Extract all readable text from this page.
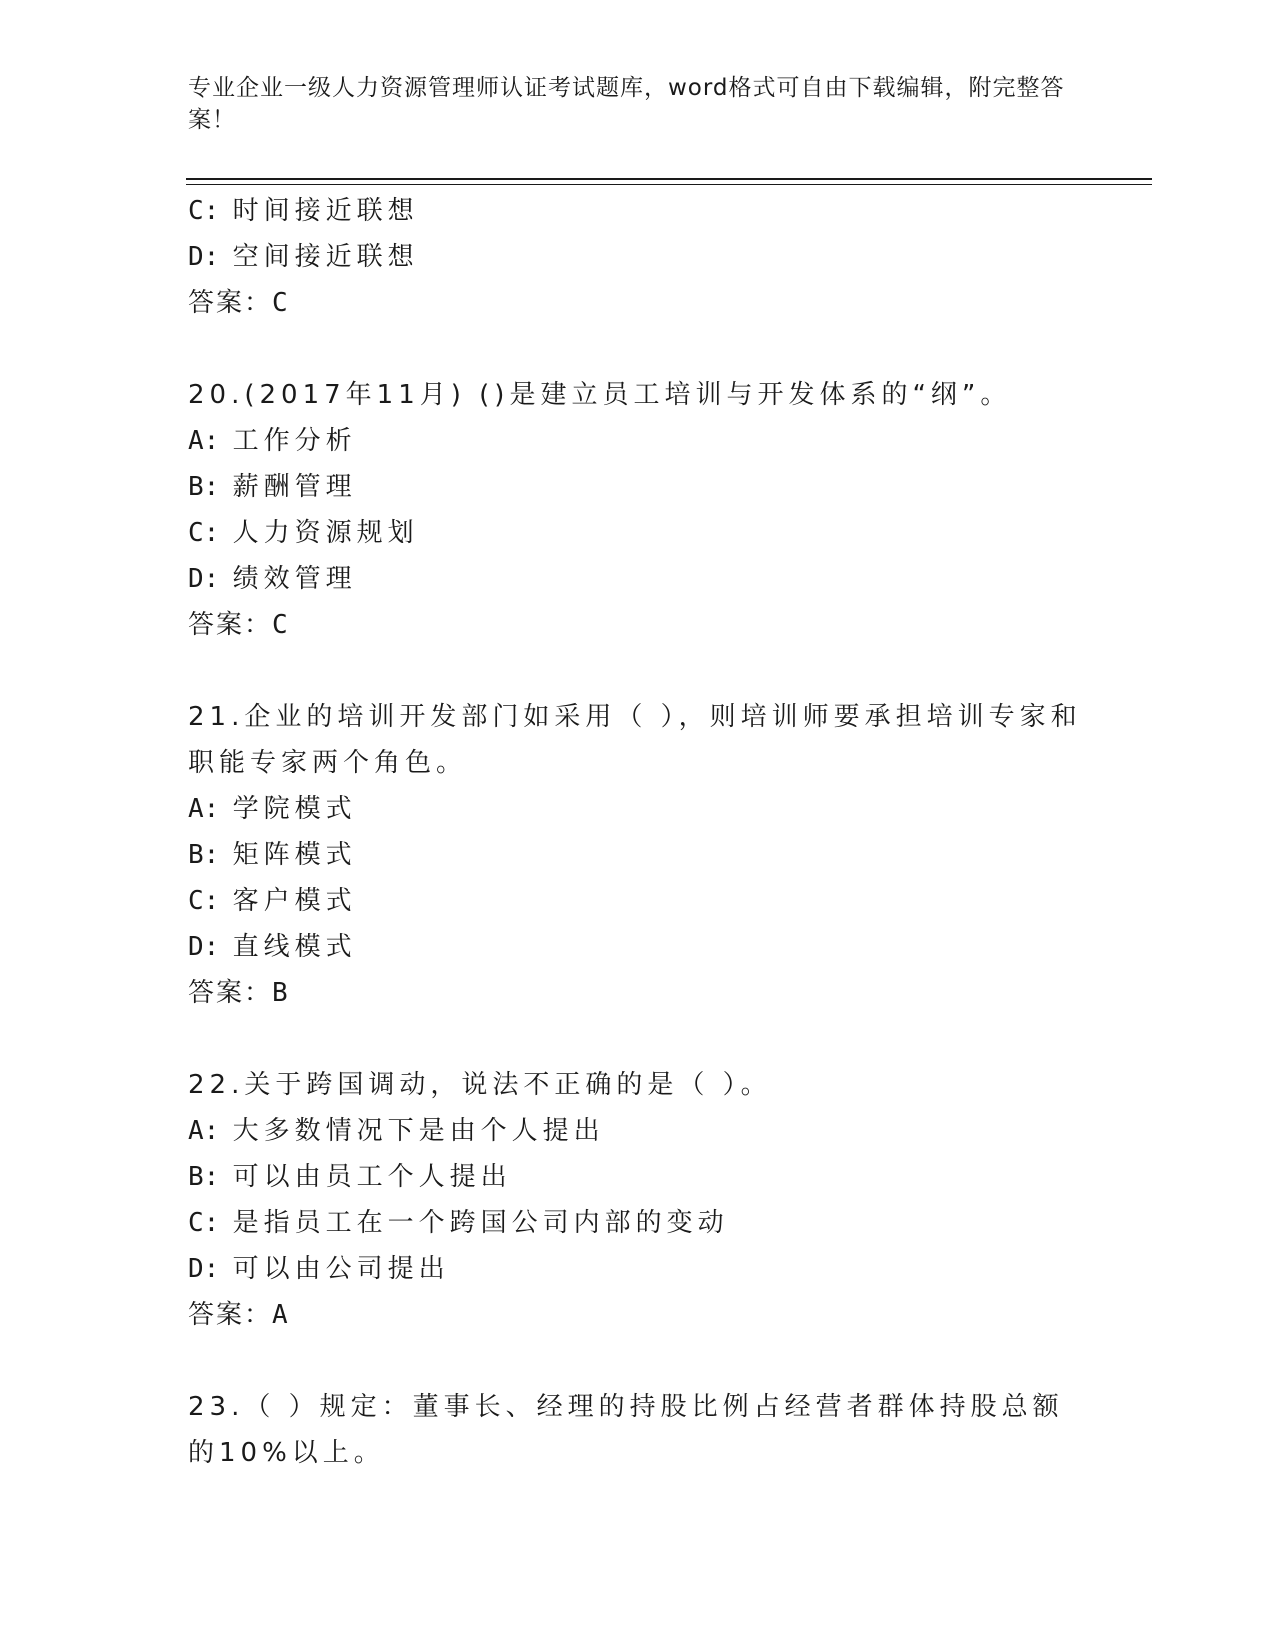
专业企业一级人力资源管理师认证考试题库，word格式可自由下载编辑，附完整答案！
C: 时间接近联想
D: 空间接近联想
答案：C
20.(2017年11月) ()是建立员工培训与开发体系的“纲”。
A: 工作分析
B: 薪酬管理
C: 人力资源规划
D: 绩效管理
答案：C
21.企业的培训开发部门如采用（ ），则培训师要承担培训专家和职能专家两个角色。
A: 学院模式
B: 矩阵模式
C: 客户模式
D: 直线模式
答案：B
22.关于跨国调动，说法不正确的是（ ）。
A: 大多数情况下是由个人提出
B: 可以由员工个人提出
C: 是指员工在一个跨国公司内部的变动
D: 可以由公司提出
答案：A
23.（ ）规定：董事长、经理的持股比例占经营者群体持股总额的10%以上。
